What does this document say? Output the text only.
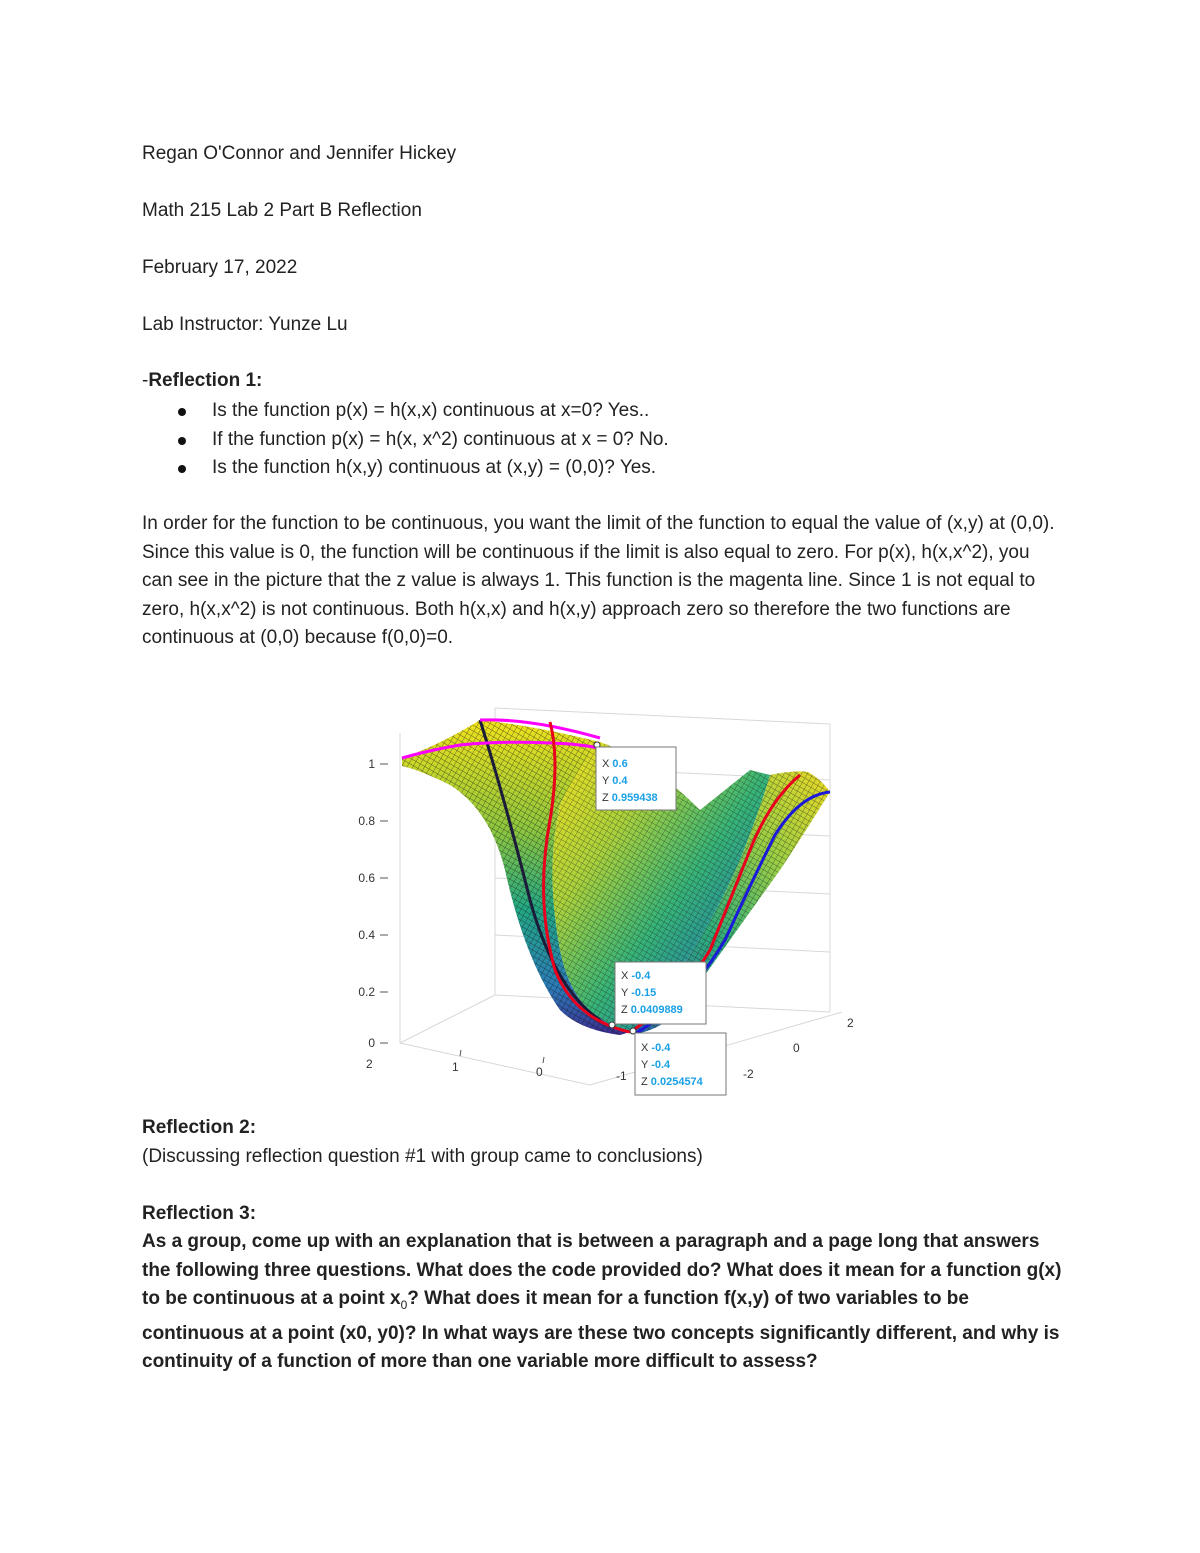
Regan O'Connor and Jennifer Hickey
Math 215 Lab 2 Part B Reflection
February 17, 2022
Lab Instructor: Yunze Lu
-Reflection 1:
Is the function p(x) = h(x,x) continuous at x=0? Yes..
If the function p(x) = h(x, x^2) continuous at x = 0? No.
Is the function h(x,y) continuous at (x,y) = (0,0)? Yes.

In order for the function to be continuous, you want the limit of the function to equal the value of (x,y) at (0,0). Since this value is 0, the function will be continuous if the limit is also equal to zero. For p(x), h(x,x^2), you can see in the picture that the z value is always 1. This function is the magenta line. Since 1 is not equal to zero, h(x,x^2) is not continuous. Both h(x,x) and h(x,y) approach zero so therefore the two functions are continuous at (0,0) because f(0,0)=0.

0
0.2
0.4
0.6
0.8
1
2	1	0	-1
2
0
-2
X 0.6
Y 0.4
Z 0.959438
X -0.4
Y -0.15
Z 0.0409889
X -0.4
Y -0.4
Z 0.0254574
Reflection 2:
(Discussing reflection question #1 with group came to conclusions)
Reflection 3:
As a group, come up with an explanation that is between a paragraph and a page long that answers the following three questions. What does the code provided do? What does it mean for a function g(x) to be continuous at a point $x_0$? What does it mean for a function f(x,y) of two variables to be continuous at a point (x0, y0)? In what ways are these two concepts significantly different, and why is continuity of a function of more than one variable more difficult to assess?
